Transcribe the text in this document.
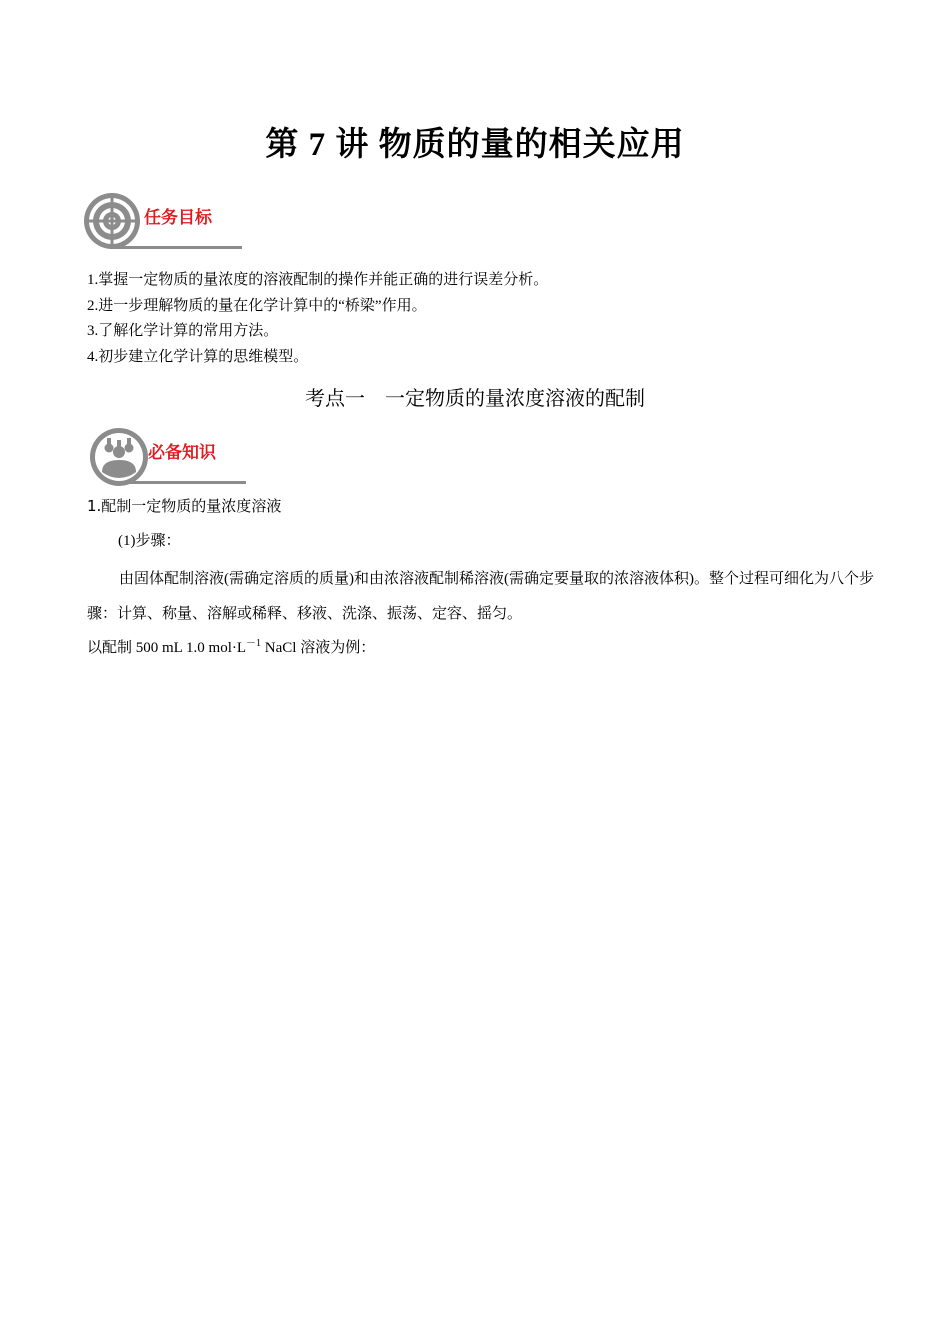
第 7 讲 物质的量的相关应用
任务目标
1.掌握一定物质的量浓度的溶液配制的操作并能正确的进行误差分析。
2.进一步理解物质的量在化学计算中的“桥梁”作用。
3.了解化学计算的常用方法。
4.初步建立化学计算的思维模型。
考点一    一定物质的量浓度溶液的配制
必备知识
1.配制一定物质的量浓度溶液
(1)步骤：
由固体配制溶液(需确定溶质的质量)和由浓溶液配制稀溶液(需确定要量取的浓溶液体积)。整个过程可细化为八个步骤：计算、称量、溶解或稀释、移液、洗涤、振荡、定容、摇匀。
以配制 500 mL 1.0 $mol\cdot L^{-1}$ NaCl 溶液为例：
